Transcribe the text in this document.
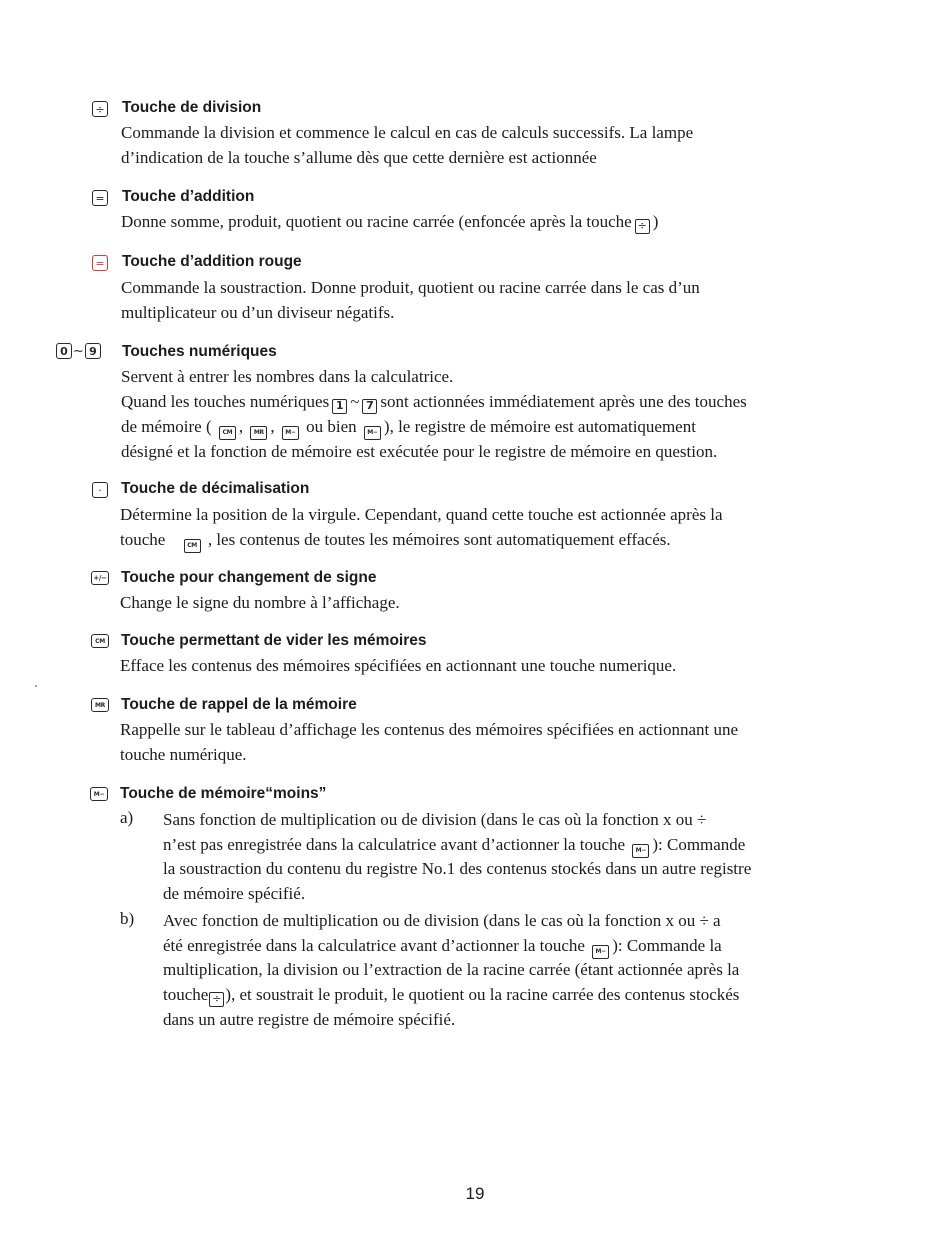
÷ Touche de division
Commande la division et commence le calcul en cas de calculs successifs. La lampe
d’indication de la touche s’allume dès que cette dernière est actionnée
= Touche d’addition
Donne somme, produit, quotient ou racine carrée (enfoncée après la touche ÷ )
= Touche d’addition rouge
Commande la soustraction. Donne produit, quotient ou racine carrée dans le cas d’un
multiplicateur ou d’un diviseur négatifs.
0 ~ 9 Touches numériques
Servent à entrer les nombres dans la calculatrice.
Quand les touches numériques 1 ~ 7 sont actionnées immédiatement après une des touches
de mémoire ( CM , MR , M− ou bien M− ), le registre de mémoire est automatiquement
désigné et la fonction de mémoire est exécutée pour le registre de mémoire en question.
·	Touche de décimalisation
Détermine la position de la virgule. Cependant, quand cette touche est actionnée après la
touche	CM , les contenus de toutes les mémoires sont automatiquement effacés.
+/− Touche pour changement de signe
Change le signe du nombre à l’affichage.
CM Touche permettant de vider les mémoires
Efface les contenus des mémoires spécifiées en actionnant une touche numerique.
MR Touche de rappel de la mémoire
Rappelle sur le tableau d’affichage les contenus des mémoires spécifiées en actionnant une
touche numérique.
M− Touche de mémoire“moins”
a) Sans fonction de multiplication ou de division (dans le cas où la fonction x ou ÷
n’est pas enregistrée dans la calculatrice avant d’actionner la touche M− ): Commande
la soustraction du contenu du registre No.1 des contenus stockés dans un autre registre
de mémoire spécifié.
b) Avec fonction de multiplication ou de division (dans le cas où la fonction x ou ÷ a
été enregistrée dans la calculatrice avant d’actionner la touche M− ): Commande la
multiplication, la division ou l’extraction de la racine carrée (étant actionnée après la
touche ÷ ), et soustrait le produit, le quotient ou la racine carrée des contenus stockés
dans un autre registre de mémoire spécifié.
19
